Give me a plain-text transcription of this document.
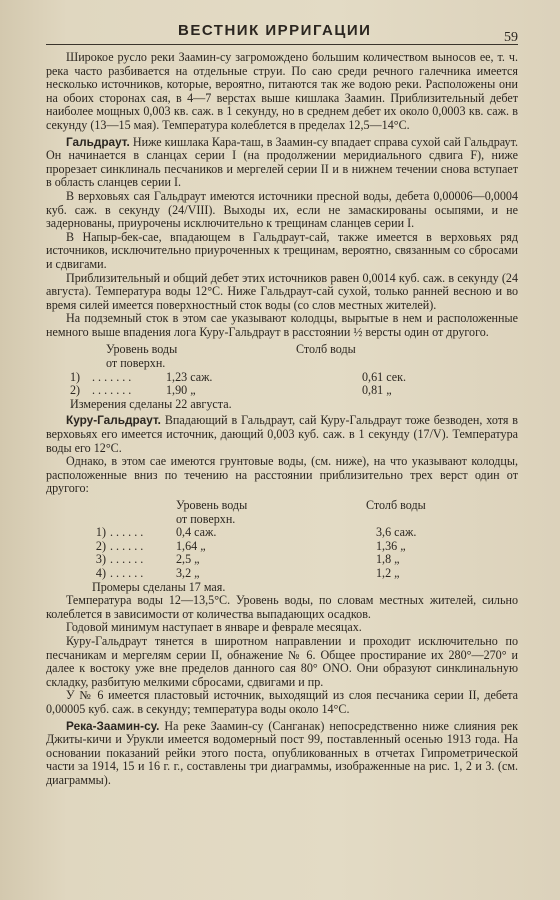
ВЕСТНИК ИРРИГАЦИИ	59

Широкое русло реки Заамин-су загромождено большим количеством выносов ее, т. ч. река часто разбивается на отдельные струи. По саю среди речного галечника имеется несколько источников, которые, вероятно, питаются так же водою реки. Расположены они на обоих сторонах сая, в 4—7 верстах выше кишлака Заамин. Приблизительный дебет наиболее мощных 0,003 кв. саж. в 1 секунду, но в среднем дебет их около 0,0003 кв. саж. в секунду (13—15 мая). Температура колеблется в пределах 12,5—14°С.

Гальдраут. Ниже кишлака Кара-таш, в Заамин-су впадает справа сухой сай Гальдраут. Он начинается в сланцах серии I (на продолжении меридиального сдвига F), ниже прорезает синклиналь песчаников и мергелей серии II и в нижнем течении снова вступает в область сланцев серии I.

В верховьях сая Гальдраут имеются источники пресной воды, дебета 0,00006—0,0004 куб. саж. в секунду (24/VIII). Выходы их, если не замаскированы осыпями, и не задернованы, приурочены исключительно к трещинам сланцев серии I.

В Напыр-бек-сае, впадающем в Гальдраут-сай, также имеется в верховьях ряд источников, исключительно приуроченных к трещинам, вероятно, связанным со сбросами и сдвигами.

Приблизительный и общий дебет этих источников равен 0,0014 куб. саж. в секунду (24 августа). Температура воды 12°С. Ниже Гальдраут-сай сухой, только ранней весною и во время силей имеется поверхностный сток воды (со слов местных жителей).

На подземный сток в этом сае указывают колодцы, вырытые в нем и расположенные немного выше впадения лога Куру-Гальдраут в расстоянии ½ версты один от другого.

Уровень воды
от поверхн.
Столб воды
1) . . . . . . .	1,23 саж.	0,61 сек.
2) . . . . . . .	1,90 „	0,81 „
Измерения сделаны 22 августа.

Куру-Гальдраут. Впадающий в Гальдраут, сай Куру-Гальдраут тоже безводен, хотя в верховьях его имеется источник, дающий 0,003 куб. саж. в 1 секунду (17/V). Температура воды его 12°С.

Однако, в этом сае имеются грунтовые воды, (см. ниже), на что указывают колодцы, расположенные вниз по течению на расстоянии приблизительно трех верст один от другого:

Уровень воды
от поверхн.
Столб воды
1) . . . . . .	0,4 саж.	3,6 саж.
2) . . . . . .	1,64 „	1,36 „
3) . . . . . .	2,5 „	1,8 „
4) . . . . . .	3,2 „	1,2 „
Промеры сделаны 17 мая.

Температура воды 12—13,5°С. Уровень воды, по словам местных жителей, сильно колеблется в зависимости от количества выпадающих осадков.

Годовой минимум наступает в январе и феврале месяцах.

Куру-Гальдраут тянется в широтном направлении и проходит исключительно по песчаникам и мергелям серии II, обнажение № 6. Общее простирание их 280°—270° и далее к востоку уже вне пределов данного сая 80° ONO. Они образуют синклинальную складку, разбитую мелкими сбросами, сдвигами и пр.

У № 6 имеется пластовый источник, выходящий из слоя песчаника серии II, дебета 0,00005 куб. саж. в секунду; температура воды около 14°С.

Река-Заамин-су. На реке Заамин-су (Санганак) непосредственно ниже слияния рек Джиты-кичи и Урукли имеется водомерный пост 99, поставленный осенью 1913 года. На основании показаний рейки этого поста, опубликованных в отчетах Гипрометрической части за 1914, 15 и 16 г. г., составлены три диаграммы, изображенные на рис. 1, 2 и 3. (см. диаграммы).
